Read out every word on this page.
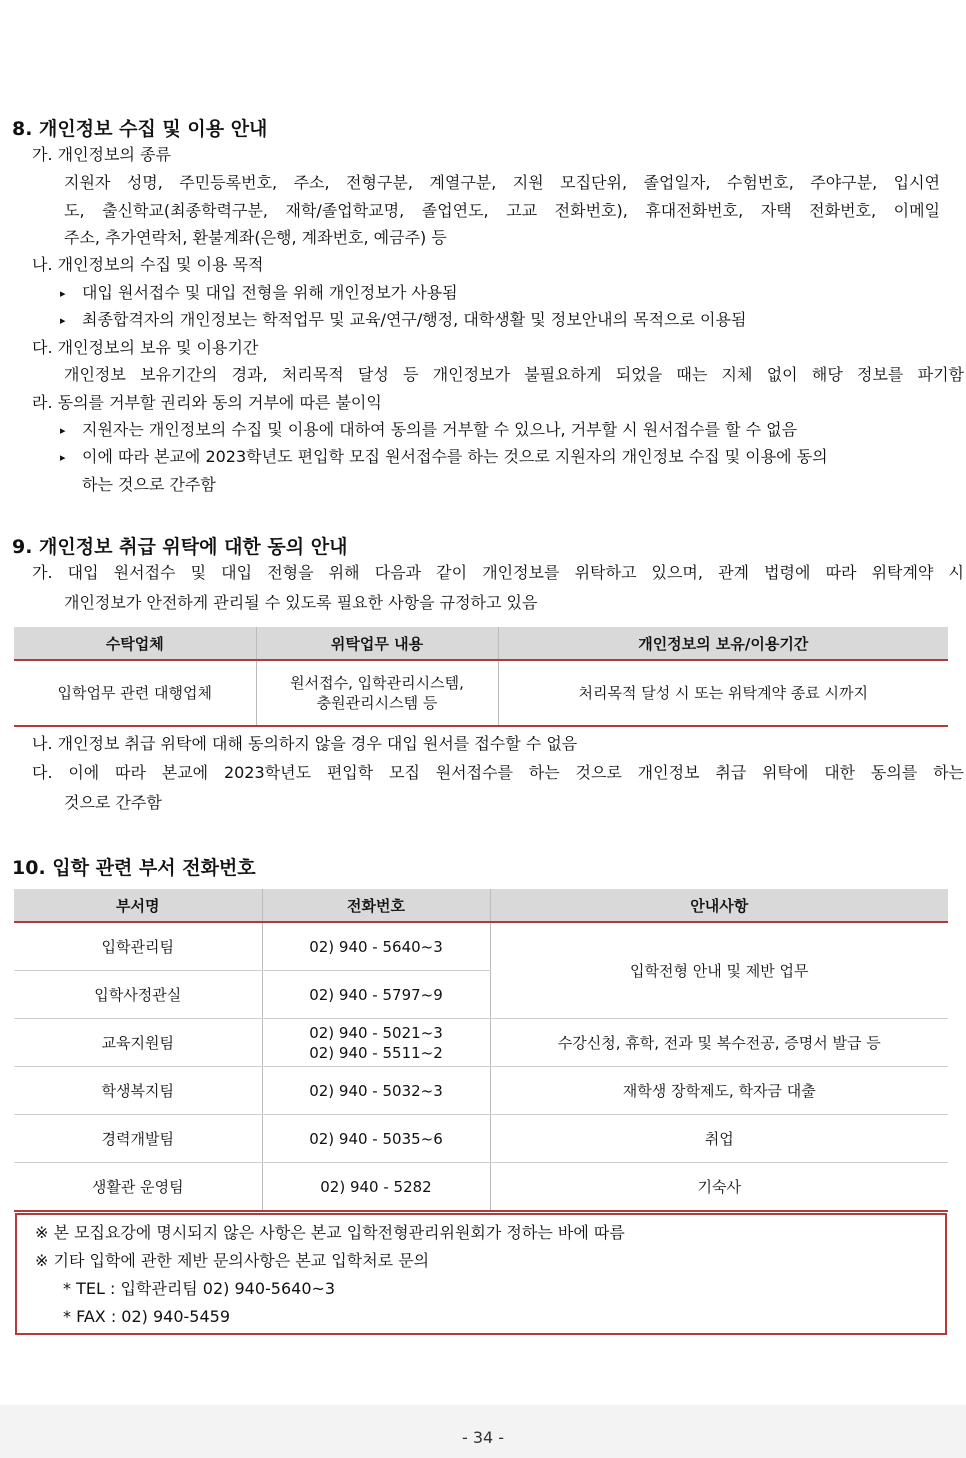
8. 개인정보 수집 및 이용 안내
가. 개인정보의 종류
지원자 성명, 주민등록번호, 주소, 전형구분, 계열구분, 지원 모집단위, 졸업일자, 수험번호, 주야구분, 입시연
도, 출신학교(최종학력구분, 재학/졸업학교명, 졸업연도, 고교 전화번호), 휴대전화번호, 자택 전화번호, 이메일
주소, 추가연락처, 환불계좌(은행, 계좌번호, 예금주) 등
나. 개인정보의 수집 및 이용 목적
▸ 대입 원서접수 및 대입 전형을 위해 개인정보가 사용됨
▸ 최종합격자의 개인정보는 학적업무 및 교육/연구/행정, 대학생활 및 정보안내의 목적으로 이용됨
다. 개인정보의 보유 및 이용기간
개인정보 보유기간의 경과, 처리목적 달성 등 개인정보가 불필요하게 되었을 때는 지체 없이 해당 정보를 파기함
라. 동의를 거부할 권리와 동의 거부에 따른 불이익
▸ 지원자는 개인정보의 수집 및 이용에 대하여 동의를 거부할 수 있으나, 거부할 시 원서접수를 할 수 없음
▸ 이에 따라 본교에 2023학년도 편입학 모집 원서접수를 하는 것으로 지원자의 개인정보 수집 및 이용에 동의
하는 것으로 간주함
9. 개인정보 취급 위탁에 대한 동의 안내
가. 대입 원서접수 및 대입 전형을 위해 다음과 같이 개인정보를 위탁하고 있으며, 관계 법령에 따라 위탁계약 시
개인정보가 안전하게 관리될 수 있도록 필요한 사항을 규정하고 있음
수탁업체	위탁업무 내용	개인정보의 보유/이용기간
입학업무 관련 대행업체	원서접수, 입학관리시스템,
충원관리시스템 등	처리목적 달성 시 또는 위탁계약 종료 시까지
나. 개인정보 취급 위탁에 대해 동의하지 않을 경우 대입 원서를 접수할 수 없음
다. 이에 따라 본교에 2023학년도 편입학 모집 원서접수를 하는 것으로 개인정보 취급 위탁에 대한 동의를 하는
것으로 간주함
10. 입학 관련 부서 전화번호
부서명	전화번호	안내사항
입학관리팀	02) 940 - 5640~3	입학전형 안내 및 제반 업무
입학사정관실	02) 940 - 5797~9	
교육지원팀	02) 940 - 5021~3
02) 940 - 5511~2	수강신청, 휴학, 전과 및 복수전공, 증명서 발급 등
학생복지팀	02) 940 - 5032~3	재학생 장학제도, 학자금 대출
경력개발팀	02) 940 - 5035~6	취업
생활관 운영팀	02) 940 - 5282	기숙사
※ 본 모집요강에 명시되지 않은 사항은 본교 입학전형관리위원회가 정하는 바에 따름
※ 기타 입학에 관한 제반 문의사항은 본교 입학처로 문의
* TEL : 입학관리팀 02) 940-5640~3
* FAX : 02) 940-5459
- 34 -
